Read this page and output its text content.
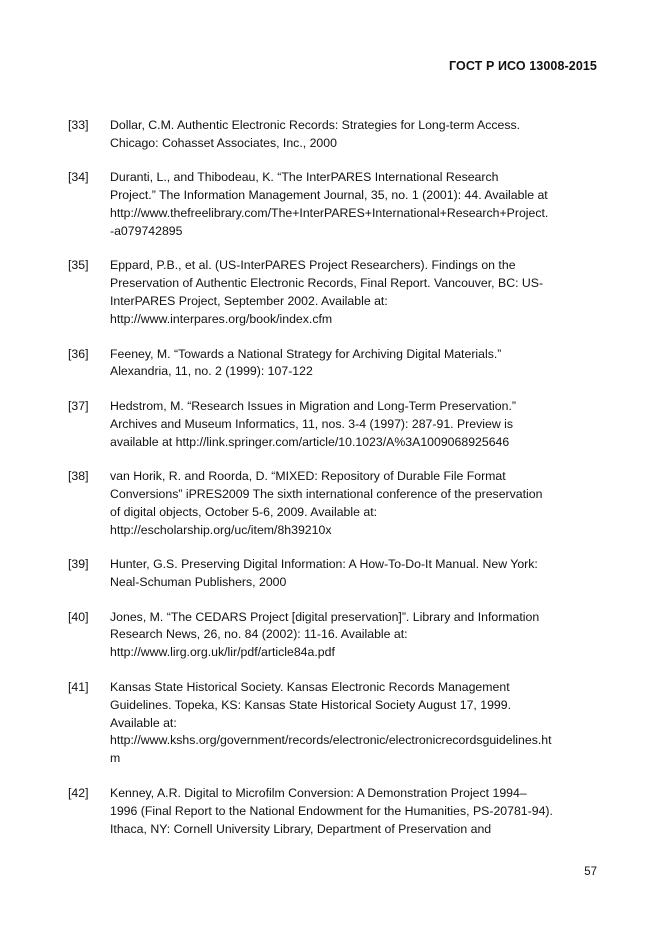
ГОСТ Р ИСО 13008-2015
[33]	Dollar, C.M. Authentic Electronic Records: Strategies for Long-term Access.
Chicago: Cohasset Associates, Inc., 2000
[34]	Duranti, L., and Thibodeau, K. “The InterPARES International Research
Project.” The Information Management Journal, 35, no. 1 (2001): 44. Available at
http://www.thefreelibrary.com/The+InterPARES+International+Research+Project.
-a079742895
[35]	Eppard, P.B., et al. (US-InterPARES Project Researchers). Findings on the
Preservation of Authentic Electronic Records, Final Report. Vancouver, BC: US-
InterPARES Project, September 2002. Available at:
http://www.interpares.org/book/index.cfm
[36]	Feeney, M. “Towards a National Strategy for Archiving Digital Materials.”
Alexandria, 11, no. 2 (1999): 107-122
[37]	Hedstrom, M. “Research Issues in Migration and Long-Term Preservation.”
Archives and Museum Informatics, 11, nos. 3-4 (1997): 287-91. Preview is
available at http://link.springer.com/article/10.1023/A%3A1009068925646
[38]	van Horik, R. and Roorda, D. “MIXED: Repository of Durable File Format
Conversions” iPRES2009 The sixth international conference of the preservation
of digital objects, October 5-6, 2009. Available at:
http://escholarship.org/uc/item/8h39210x
[39]	Hunter, G.S. Preserving Digital Information: A How-To-Do-It Manual. New York:
Neal-Schuman Publishers, 2000
[40]	Jones, M. “The CEDARS Project [digital preservation]”. Library and Information
Research News, 26, no. 84 (2002): 11-16. Available at:
http://www.lirg.org.uk/lir/pdf/article84a.pdf
[41]	Kansas State Historical Society. Kansas Electronic Records Management
Guidelines. Topeka, KS: Kansas State Historical Society August 17, 1999.
Available at:
http://www.kshs.org/government/records/electronic/electronicrecordsguidelines.ht
m
[42]	Kenney, A.R. Digital to Microfilm Conversion: A Demonstration Project 1994–
1996 (Final Report to the National Endowment for the Humanities, PS-20781-94).
Ithaca, NY: Cornell University Library, Department of Preservation and
57
